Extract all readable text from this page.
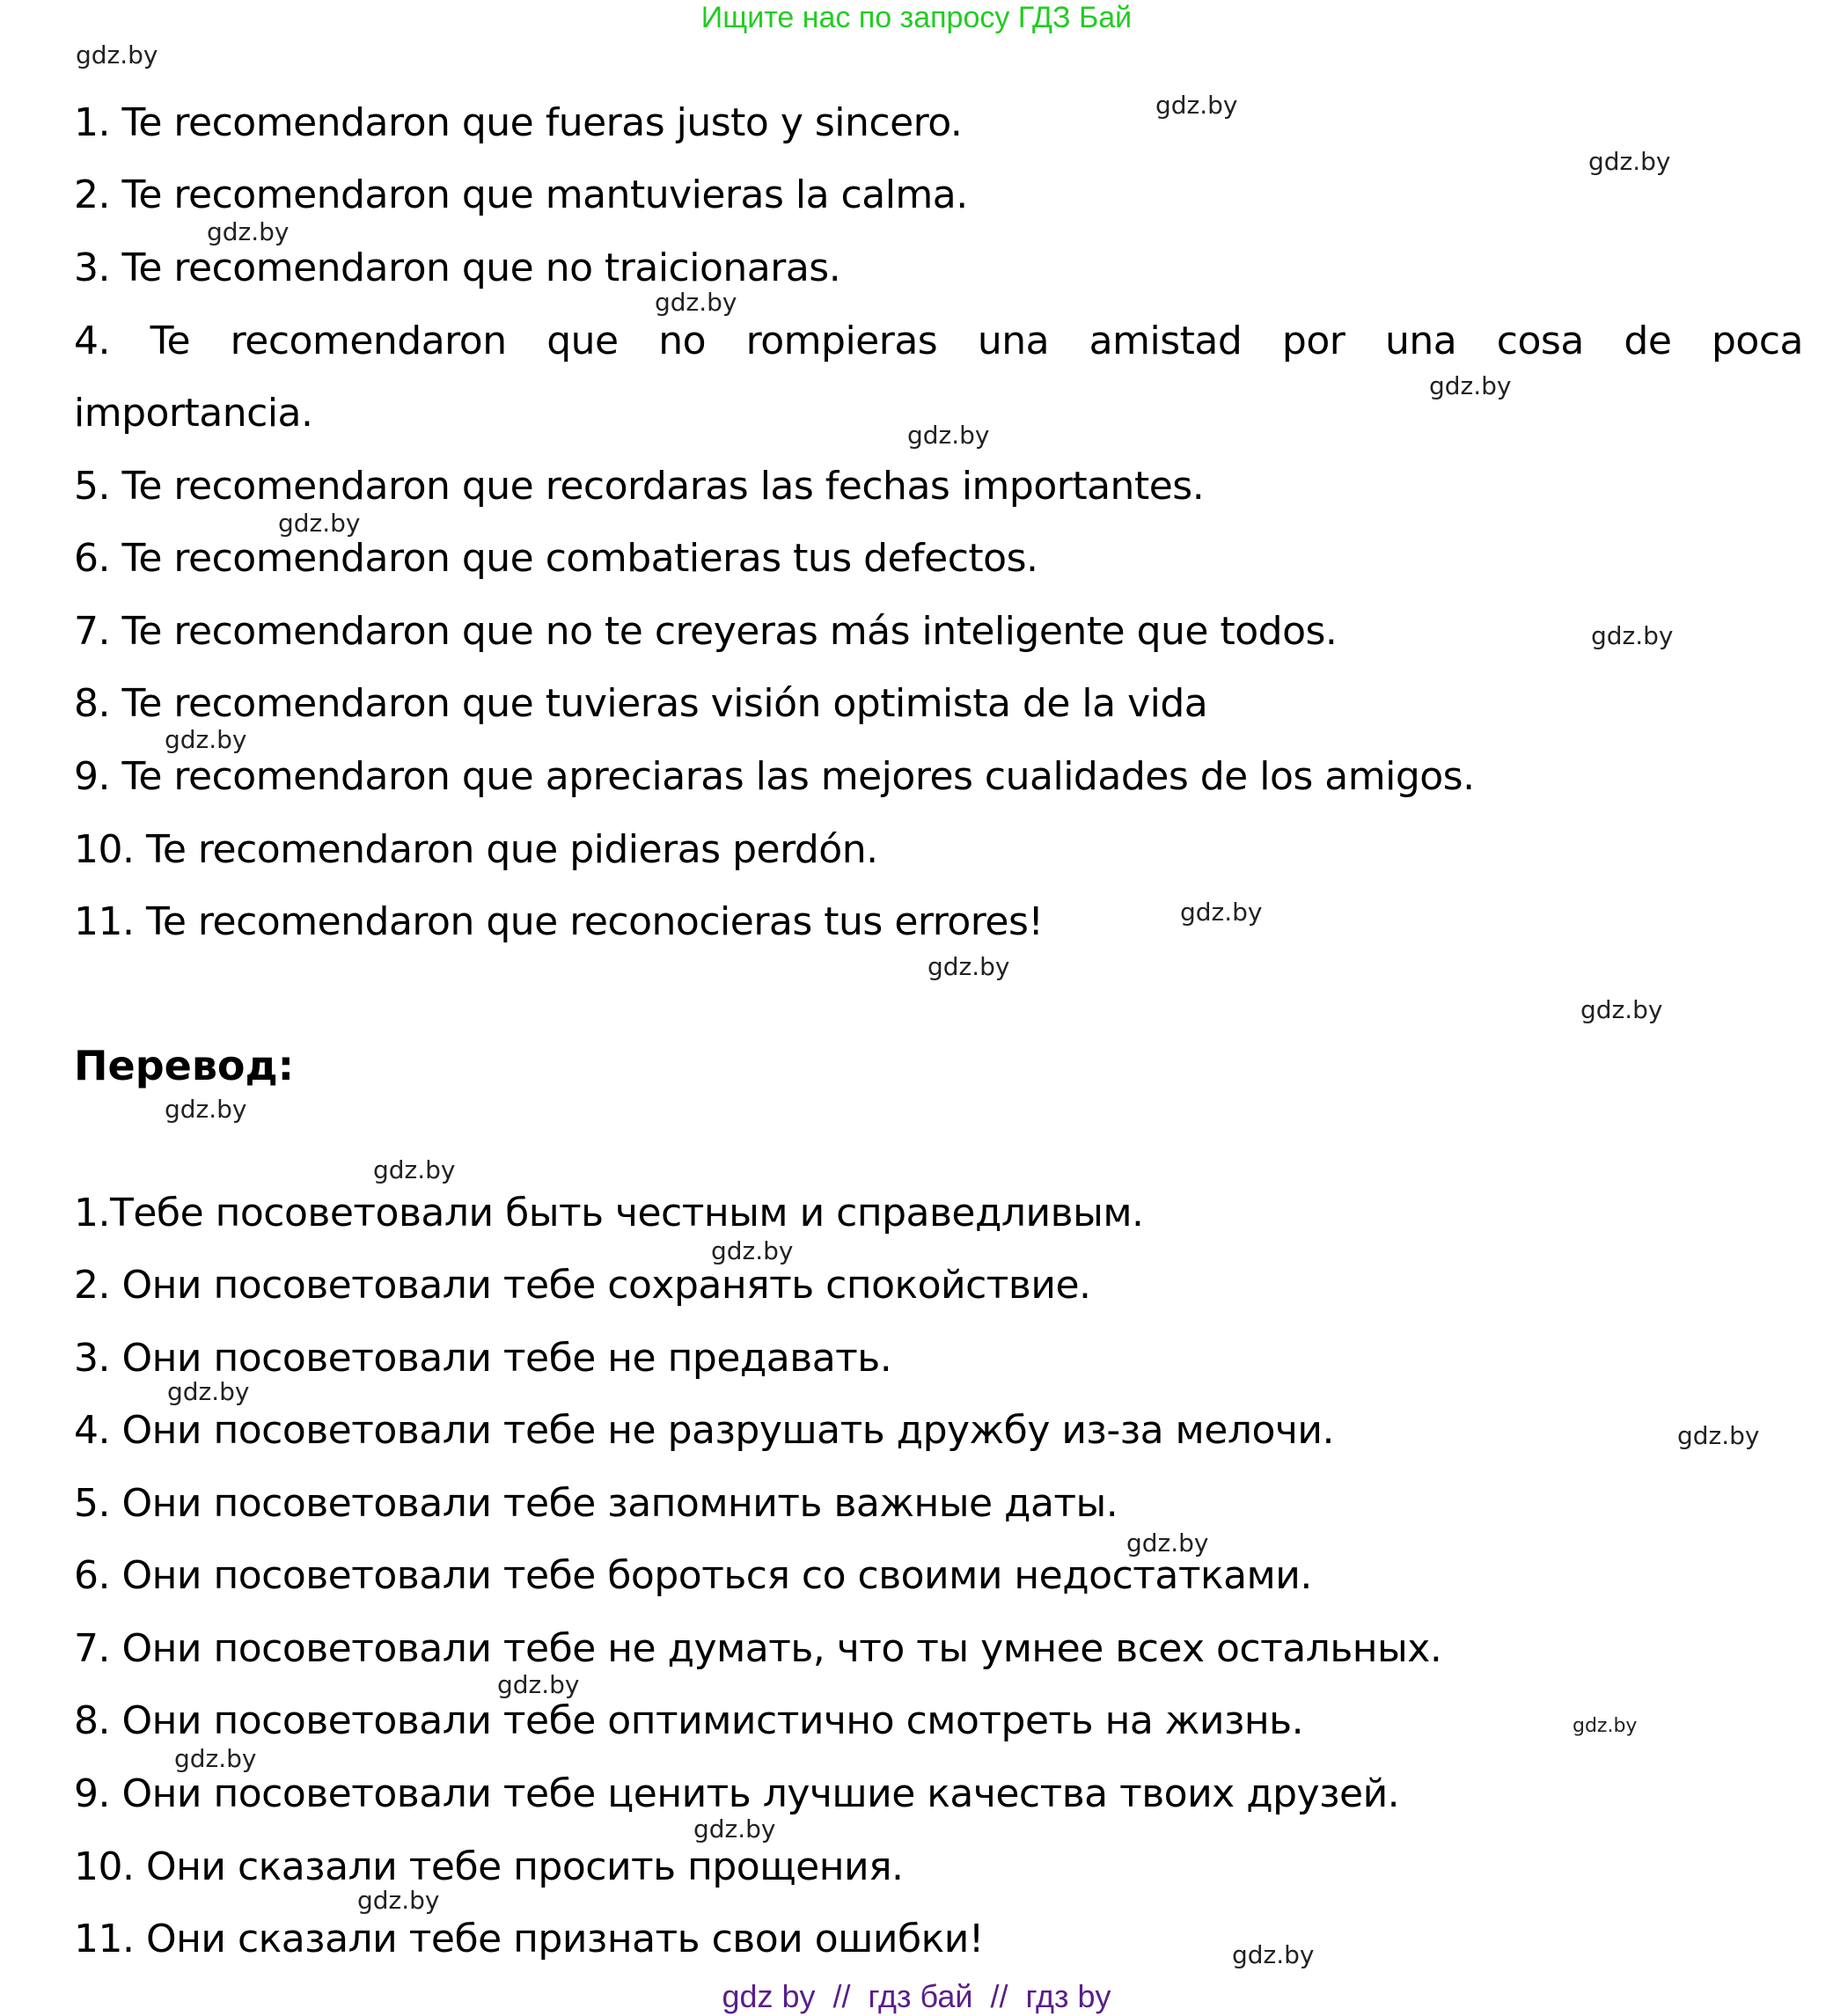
Ищите нас по запросу ГДЗ Бай
1. Te recomendaron que fueras justo y sincero.
2. Te recomendaron que mantuvieras la calma.
3. Te recomendaron que no traicionaras.
4. Te recomendaron que no rompieras una amistad por una cosa de poca
importancia.
5. Te recomendaron que recordaras las fechas importantes.
6. Te recomendaron que combatieras tus defectos.
7. Te recomendaron que no te creyeras más inteligente que todos.
8. Te recomendaron que tuvieras visión optimista de la vida
9. Te recomendaron que apreciaras las mejores cualidades de los amigos.
10. Te recomendaron que pidieras perdón.
11. Te recomendaron que reconocieras tus errores!
Перевод:
1.Тебе посоветовали быть честным и справедливым.
2. Они посоветовали тебе сохранять спокойствие.
3. Они посоветовали тебе не предавать.
4. Они посоветовали тебе не разрушать дружбу из-за мелочи.
5. Они посоветовали тебе запомнить важные даты.
6. Они посоветовали тебе бороться со своими недостатками.
7. Они посоветовали тебе не думать, что ты умнее всех остальных.
8. Они посоветовали тебе оптимистично смотреть на жизнь.
9. Они посоветовали тебе ценить лучшие качества твоих друзей.
10. Они сказали тебе просить прощения.
11. Они сказали тебе признать свои ошибки!
gdz.by
gdz.by
gdz.by
gdz.by
gdz.by
gdz.by
gdz.by
gdz.by
gdz.by
gdz.by
gdz.by
gdz.by
gdz.by
gdz.by
gdz.by
gdz.by
gdz.by
gdz.by
gdz.by
gdz.by
gdz.by
gdz.by
gdz.by
gdz.by
gdz.by
gdz by  //  гдз бай  //  гдз by
